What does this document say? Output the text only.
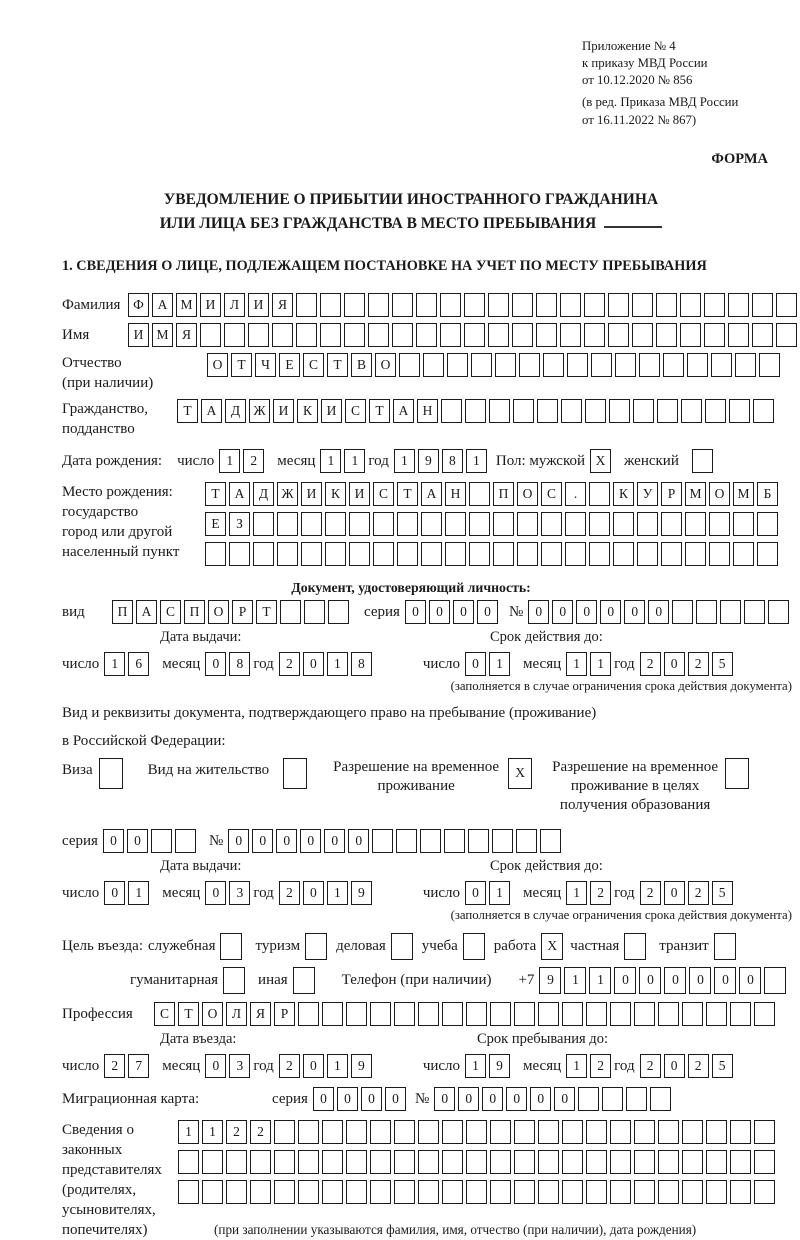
Приложение № 4
к приказу МВД России
от 10.12.2020 № 856
(в ред. Приказа МВД России
от 16.11.2022 № 867)
ФОРМА
УВЕДОМЛЕНИЕ О ПРИБЫТИИ ИНОСТРАННОГО ГРАЖДАНИНА
ИЛИ ЛИЦА БЕЗ ГРАЖДАНСТВА В МЕСТО ПРЕБЫВАНИЯ
1. СВЕДЕНИЯ О ЛИЦЕ, ПОДЛЕЖАЩЕМ ПОСТАНОВКЕ НА УЧЕТ ПО МЕСТУ ПРЕБЫВАНИЯ
Фамилия Ф	А М И	Л	И	Я
Имя	И М Я
Отчество
(при наличии)
О	Т	Ч	Е	С	Т	В	О
Гражданство,
подданство
Т	А	Д Ж И	К	И	С	Т	А	Н
Дата рождения: число 1	2	месяц 1	1 год 1	9	8	1	Пол: мужской X	женский
Место рождения:
государство
город или другой
населенный пункт
Т	А	Д Ж И	К	И	С	Т	А	Н	П	О	С	.	К	У	Р	М О М	Б
Е	З
Документ, удостоверяющий личность:
вид	П	А	С	П	О	Р	Т	серия 0	0	0	0	№ 0	0	0	0	0	0
Дата выдачи:	Срок действия до:
число 1	6	месяц 0	8 год 2	0	1	8	число 0	1	месяц 1	1 год 2	0	2	5
(заполняется в случае ограничения срока действия документа)
Вид и реквизиты документа, подтверждающего право на пребывание (проживание)
в Российской Федерации:
Виза	Вид на жительство	Разрешение на временное проживание
X	Разрешение на временное проживание в целях получения образования
серия 0	0	№ 0	0	0	0	0	0
Дата выдачи:	Срок действия до:
число 0	1	месяц 0	3 год 2	0	1	9	число 0	1	месяц 1	2 год 2	0	2	5
(заполняется в случае ограничения срока действия документа)
Цель въезда: служебная	туризм деловая учеба работа X частная	транзит
гуманитарная	иная	Телефон (при наличии) +7 9	1	1	0	0	0	0	0	0
Профессия	С	Т	О	Л	Я	Р
Дата въезда:	Срок пребывания до:
число 2	7	месяц 0	3 год 2	0	1	9	число 1	9	месяц 1	2 год 2	0	2	5
Миграционная карта:	серия 0	0	0	0	№ 0	0	0	0	0	0
Сведения о
законных
представителях
(родителях,
усыновителях,
попечителях)
1	1	2	2
(при заполнении указываются фамилия, имя, отчество (при наличии), дата рождения)
